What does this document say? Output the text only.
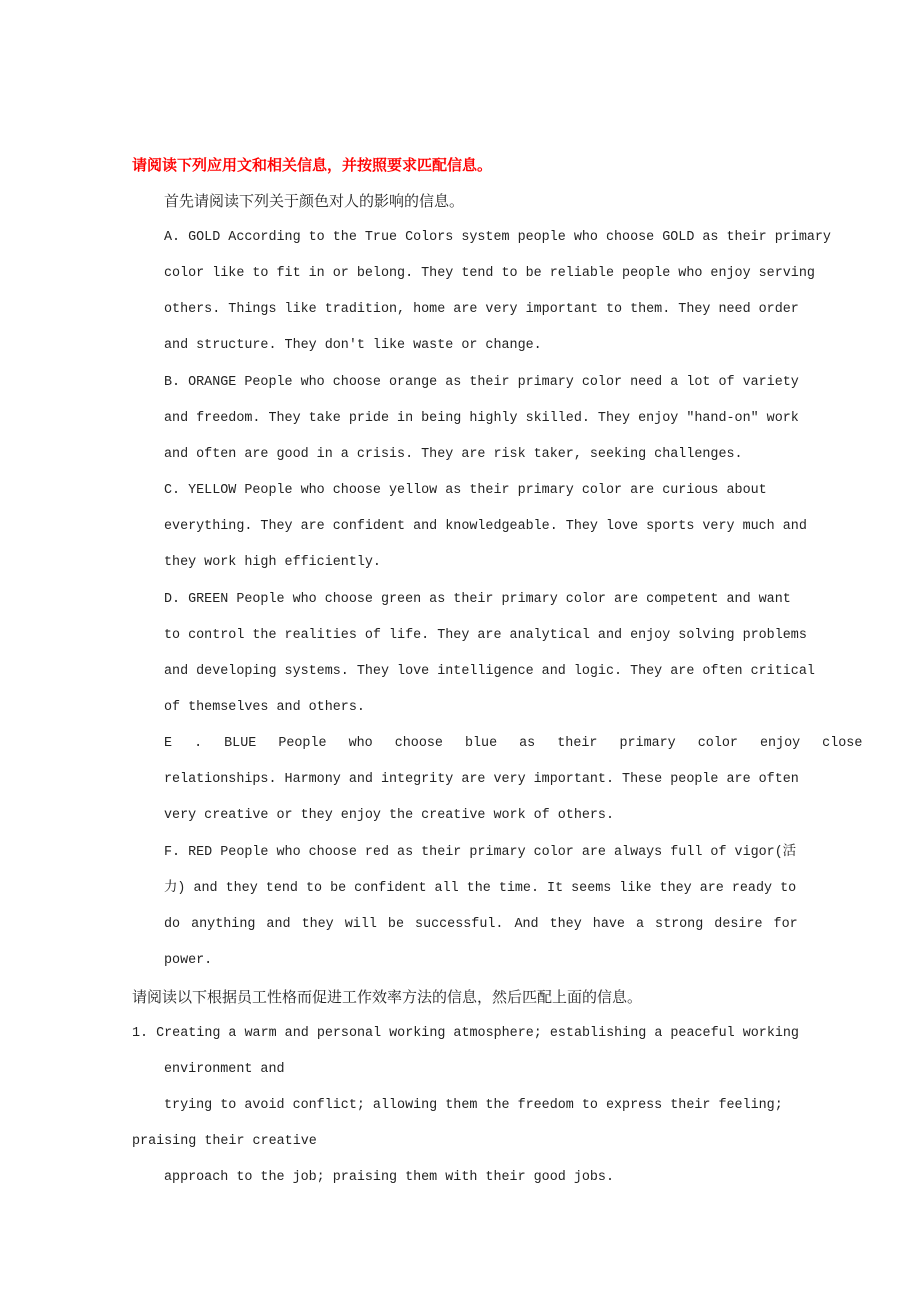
请阅读下列应用文和相关信息，并按照要求匹配信息。
首先请阅读下列关于颜色对人的影响的信息。
A. GOLD According to the True Colors system people who choose GOLD as their primary
color like to fit in or belong. They tend to be reliable people who enjoy serving
others. Things like tradition, home are very important to them. They need order
and structure. They don't like waste or change.
B. ORANGE People who choose orange as their primary color need a lot of variety
and freedom. They take pride in being highly skilled. They enjoy "hand-on" work
and often are good in a crisis. They are risk taker, seeking challenges.
C. YELLOW People who choose yellow as their primary color are curious about
everything. They are confident and knowledgeable. They love sports very much and
they work high efficiently.
D. GREEN People who choose green as their primary color are competent and want
to control the realities of life. They are analytical and enjoy solving problems
and developing systems. They love intelligence and logic. They are often critical
of themselves and others.
E . BLUE People who choose blue as their primary color enjoy close
relationships. Harmony and integrity are very important. These people are often
very creative or they enjoy the creative work of others.
F. RED People who choose red as their primary color are always full of vigor(活
力) and they tend to be confident all the time. It seems like they are ready to
do anything and they will be successful. And they have a strong desire for
power.
请阅读以下根据员工性格而促进工作效率方法的信息，然后匹配上面的信息。
1. Creating a warm and personal working atmosphere; establishing a peaceful working
environment and
trying to avoid conflict; allowing them the freedom to express their feeling;
praising their creative
approach to the job; praising them with their good jobs.
